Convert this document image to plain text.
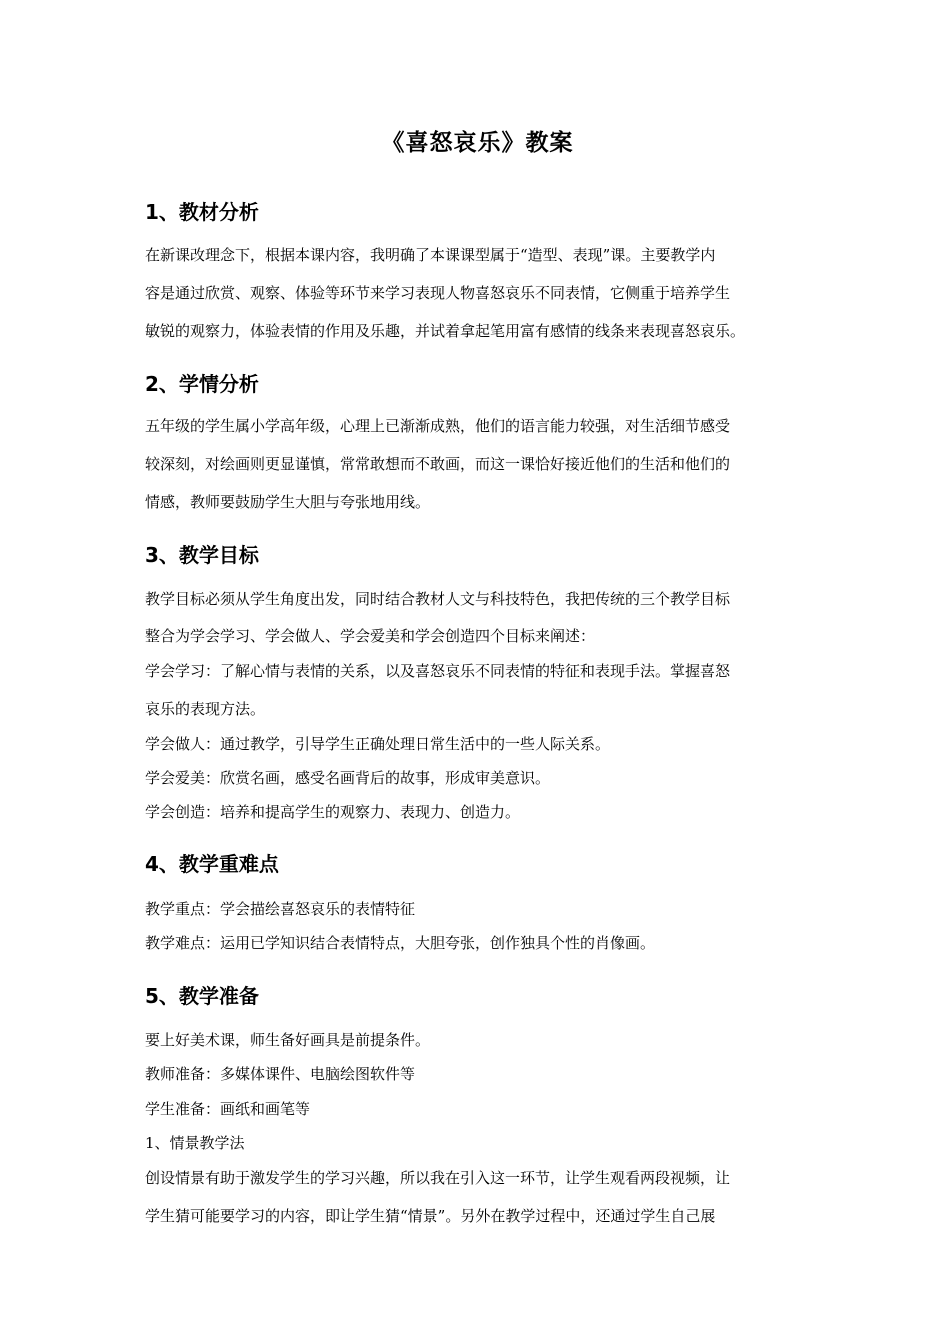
《喜怒哀乐》教案
1、教材分析
在新课改理念下，根据本课内容，我明确了本课课型属于“造型、表现”课。主要教学内
容是通过欣赏、观察、体验等环节来学习表现人物喜怒哀乐不同表情，它侧重于培养学生
敏锐的观察力，体验表情的作用及乐趣，并试着拿起笔用富有感情的线条来表现喜怒哀乐。
2、学情分析
五年级的学生属小学高年级，心理上已渐渐成熟，他们的语言能力较强，对生活细节感受
较深刻，对绘画则更显谨慎，常常敢想而不敢画，而这一课恰好接近他们的生活和他们的
情感，教师要鼓励学生大胆与夸张地用线。
3、教学目标
教学目标必须从学生角度出发，同时结合教材人文与科技特色，我把传统的三个教学目标
整合为学会学习、学会做人、学会爱美和学会创造四个目标来阐述：
学会学习：了解心情与表情的关系，以及喜怒哀乐不同表情的特征和表现手法。掌握喜怒
哀乐的表现方法。
学会做人：通过教学，引导学生正确处理日常生活中的一些人际关系。
学会爱美：欣赏名画，感受名画背后的故事，形成审美意识。
学会创造：培养和提高学生的观察力、表现力、创造力。
4、教学重难点
教学重点：学会描绘喜怒哀乐的表情特征
教学难点：运用已学知识结合表情特点，大胆夸张，创作独具个性的肖像画。
5、教学准备
要上好美术课，师生备好画具是前提条件。
教师准备：多媒体课件、电脑绘图软件等
学生准备：画纸和画笔等
1、情景教学法
创设情景有助于激发学生的学习兴趣，所以我在引入这一环节，让学生观看两段视频，让
学生猜可能要学习的内容，即让学生猜“情景”。另外在教学过程中，还通过学生自己展
